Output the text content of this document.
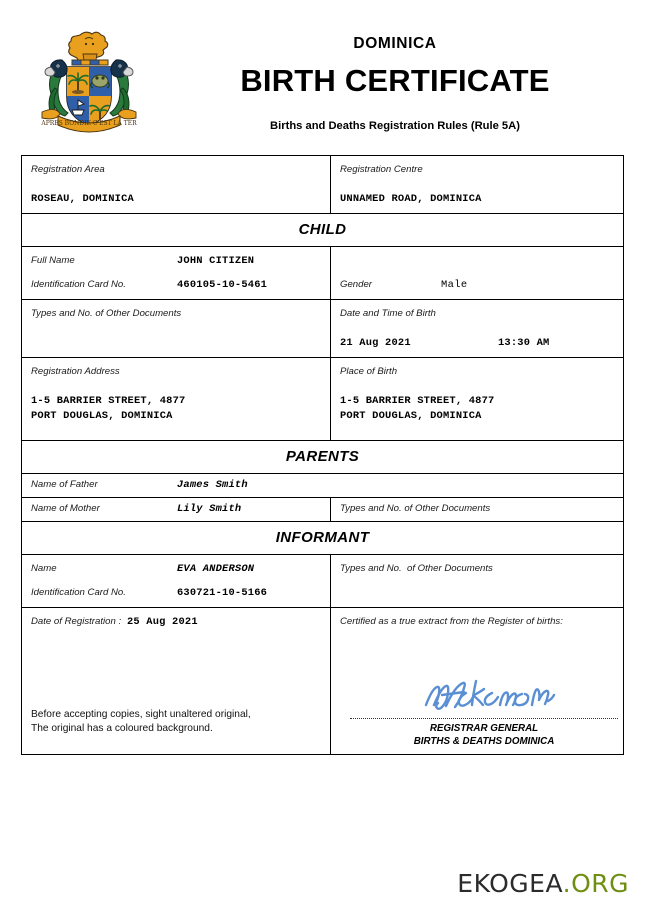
APRES BONDIE C'EST LA TER
DOMINICA
BIRTH CERTIFICATE
Births and Deaths Registration Rules (Rule 5A)
Registration Area
ROSEAU, DOMINICA
Registration Centre
UNNAMED ROAD, DOMINICA
CHILD
Full Name	JOHN CITIZEN
Identification Card No.	460105-10-5461	Gender	Male
Types and No. of Other Documents	Date and Time of Birth
21 Aug 2021	13:30 AM
Registration Address
1-5 BARRIER STREET, 4877
PORT DOUGLAS, DOMINICA
Place of Birth
1-5 BARRIER STREET, 4877
PORT DOUGLAS, DOMINICA
PARENTS
Name of Father	James Smith
Name of Mother	Lily Smith	Types and No. of Other Documents
INFORMANT
Name	EVA ANDERSON
Identification Card No.	630721-10-5166
Types and No.  of Other Documents
Date of Registration : 25 Aug 2021
Before accepting copies, sight unaltered original,
The original has a coloured background.
Certified as a true extract from the Register of births:
REGISTRAR GENERAL
BIRTHS & DEATHS DOMINICA
EKOGEA.ORG
